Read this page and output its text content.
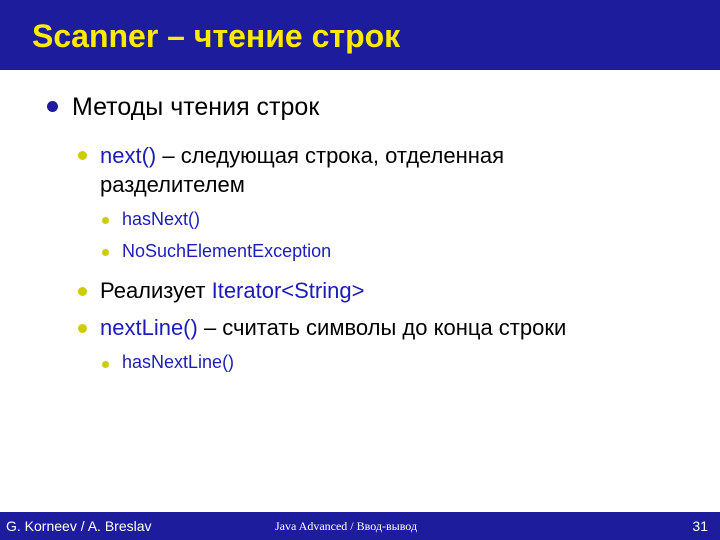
Scanner – чтение строк
Методы чтения строк
next() – следующая строка, отделенная
разделителем
hasNext()
NoSuchElementException
Реализует Iterator<String>
nextLine() – считать символы до конца строки
hasNextLine()
G. Korneev / A. Breslav	Java Advanced / Ввод-вывод	31
